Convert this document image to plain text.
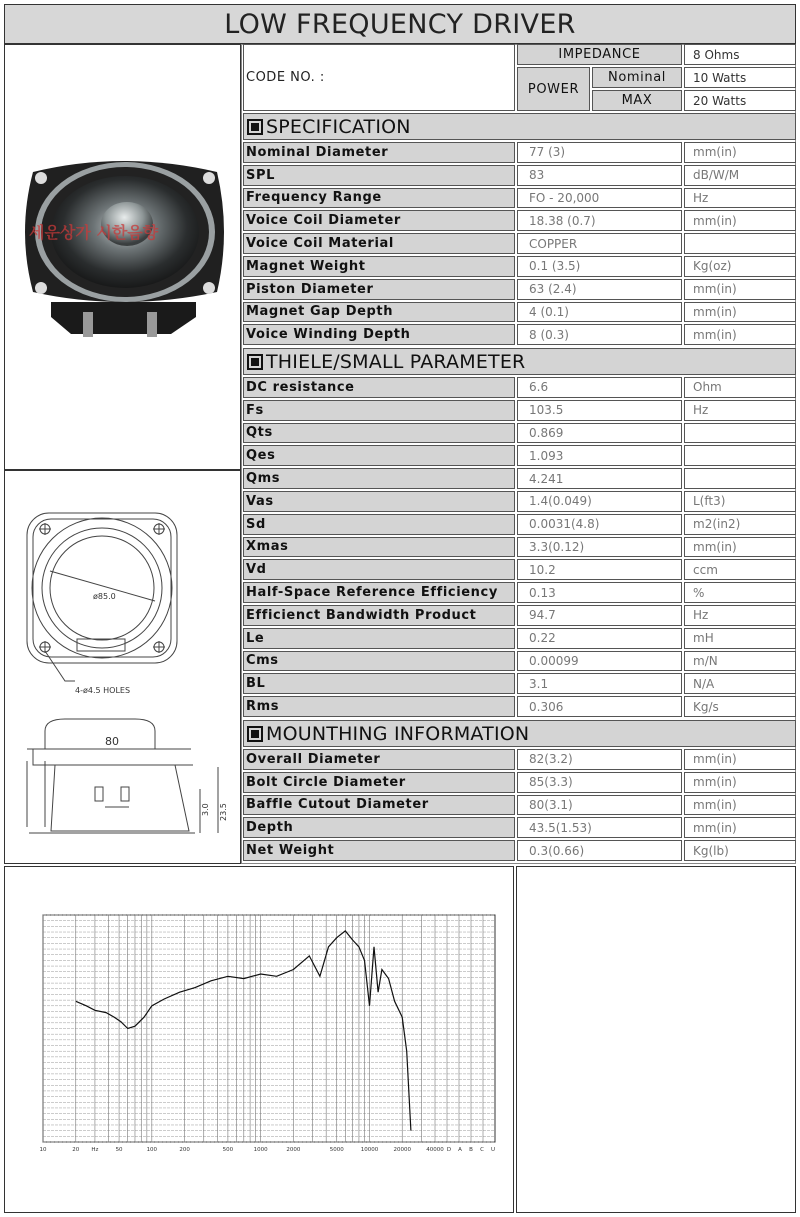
LOW FREQUENCY DRIVER
세운상가 시한음향
ø85.0
4-ø4.5 HOLES
80
3.0 23.5
CODE NO. :
IMPEDANCE	8 Ohms
POWER
Nominal 10 Watts
MAX	20 Watts
SPECIFICATION
Nominal Diameter	77 (3)	mm(in)
SPL	83	dB/W/M
Frequency Range	FO - 20,000	Hz
Voice Coil Diameter	18.38 (0.7)	mm(in)
Voice Coil Material	COPPER
Magnet Weight	0.1 (3.5)	Kg(oz)
Piston Diameter	63 (2.4)	mm(in)
Magnet Gap Depth	4 (0.1)	mm(in)
Voice Winding Depth	8 (0.3)	mm(in)
THIELE/SMALL PARAMETER
DC resistance	6.6	Ohm
Fs	103.5	Hz
Qts	0.869
Qes	1.093
Qms	4.241
Vas	1.4(0.049)	L(ft3)
Sd	0.0031(4.8)	m2(in2)
Xmas	3.3(0.12)	mm(in)
Vd	10.2	ccm
Half-Space Reference Efficiency	0.13	%
Efficienct Bandwidth Product	94.7	Hz
Le	0.22	mH
Cms	0.00099	m/N
BL	3.1	N/A
Rms	0.306	Kg/s
MOUNTHING INFORMATION
Overall Diameter	82(3.2)	mm(in)
Bolt Circle Diameter	85(3.3)	mm(in)
Baffle Cutout Diameter	80(3.1)	mm(in)
Depth	43.5(1.53)	mm(in)
Net Weight	0.3(0.66)	Kg(lb)
10	20 Hz	50	100	200	500	1000	2000	5000	10000	20000	40000 D A B C U
